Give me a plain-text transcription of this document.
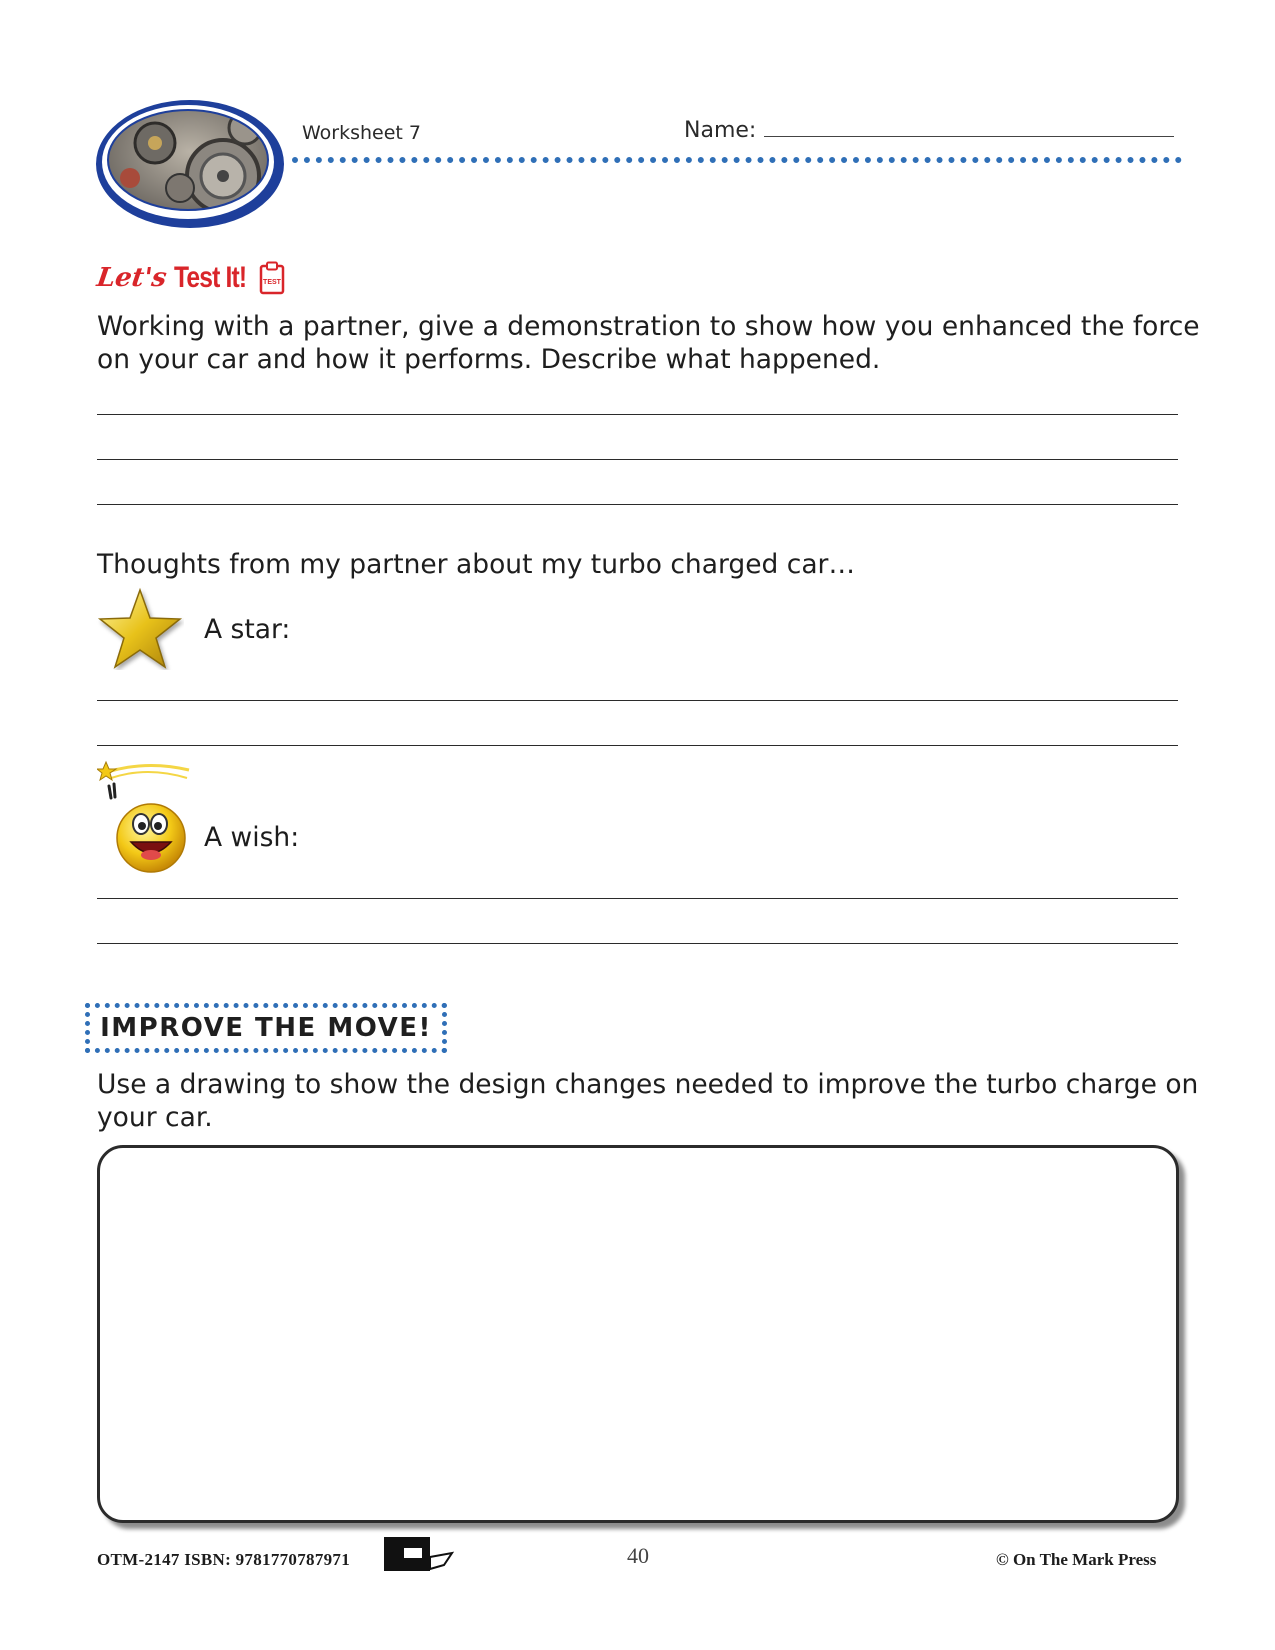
Worksheet 7	Name:
Let's Test It! TEST
Working with a partner, give a demonstration to show how you enhanced the force on your car and how it performs. Describe what happened.
Thoughts from my partner about my turbo charged car…
A star:
A wish:
IMPROVE THE MOVE!
Use a drawing to show the design changes needed to improve the turbo charge on your car.
OTM-2147 ISBN: 9781770787971	40	© On The Mark Press
